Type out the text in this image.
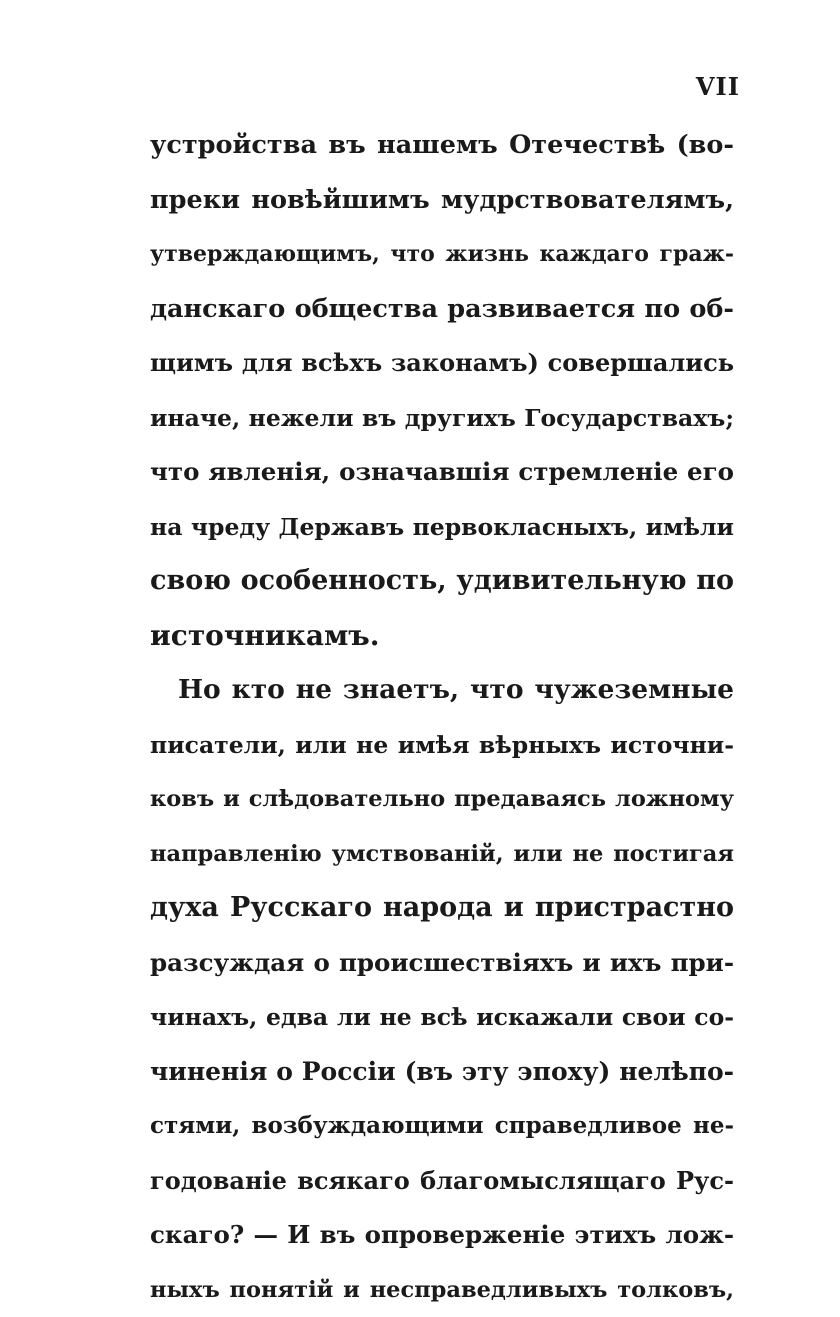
VII
устройства въ нашемъ Отечествѣ (во-
преки новѣйшимъ мудрствователямъ,
утверждающимъ, что жизнь каждаго граж-
данскаго общества развивается по об-
щимъ для всѣхъ законамъ) совершались
иначе, нежели въ другихъ Государствахъ;
что явленія, означавшія стремленіе его
на чреду Державъ первокласныхъ, имѣли
свою особенность, удивительную по
источникамъ.
Но кто не знаетъ, что чужеземные
писатели, или не имѣя вѣрныхъ источни-
ковъ и слѣдовательно предаваясь ложному
направленію умствованій, или не постигая
духа Русскаго народа и пристрастно
разсуждая о происшествіяхъ и ихъ при-
чинахъ, едва ли не всѣ искажали свои со-
чиненія о Россіи (въ эту эпоху) нелѣпо-
стями, возбуждающими справедливое не-
годованіе всякаго благомыслящаго Рус-
скаго? — И въ опроверженіе этихъ лож-
ныхъ понятій и несправедливыхъ толковъ,
